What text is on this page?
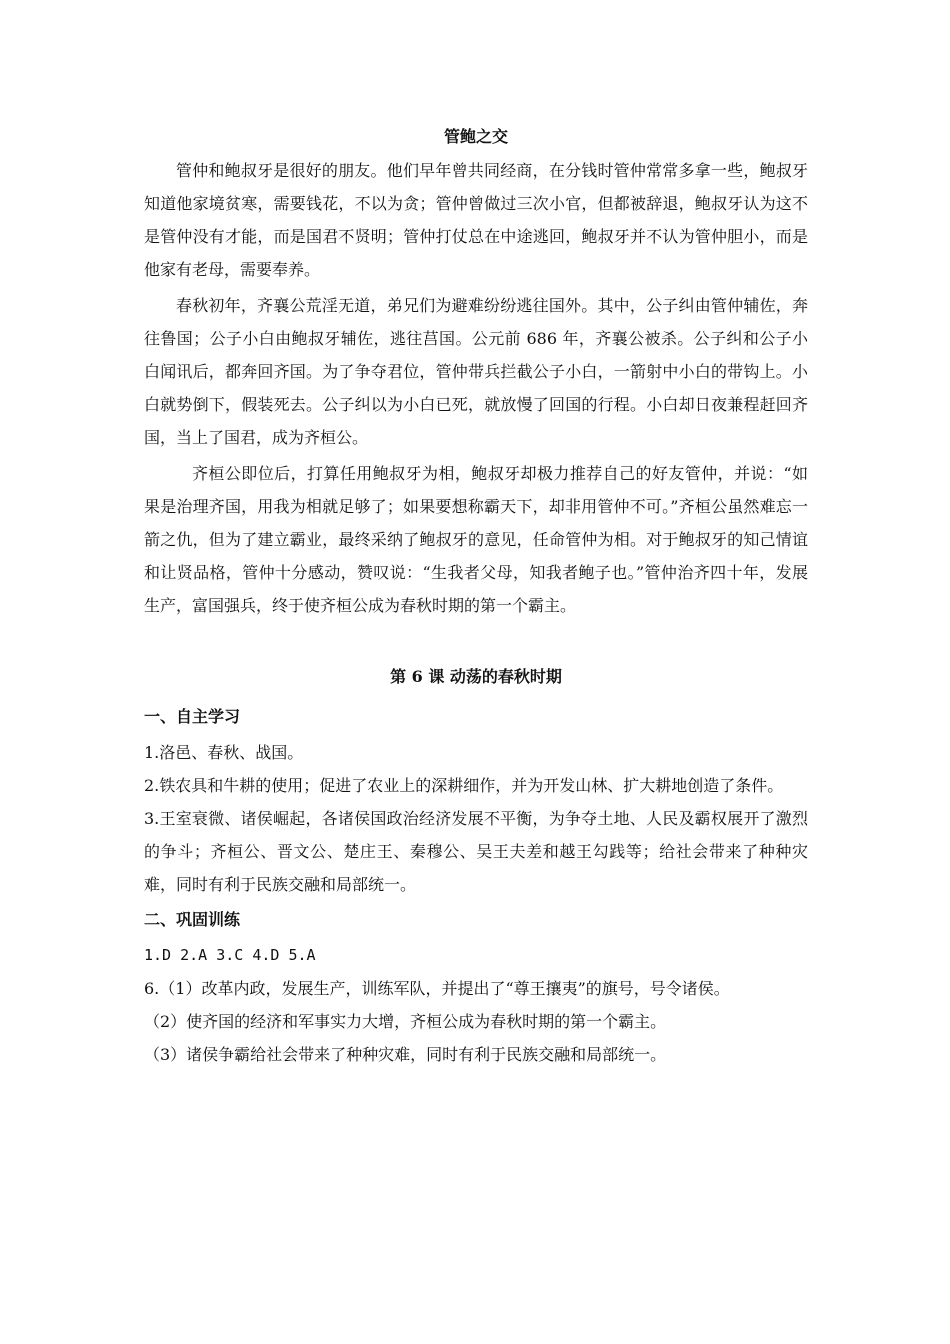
管鲍之交

管仲和鲍叔牙是很好的朋友。他们早年曾共同经商，在分钱时管仲常常多拿一些，鲍叔牙知道他家境贫寒，需要钱花，不以为贪；管仲曾做过三次小官，但都被辞退，鲍叔牙认为这不是管仲没有才能，而是国君不贤明；管仲打仗总在中途逃回，鲍叔牙并不认为管仲胆小，而是他家有老母，需要奉养。

春秋初年，齐襄公荒淫无道，弟兄们为避难纷纷逃往国外。其中，公子纠由管仲辅佐，奔往鲁国；公子小白由鲍叔牙辅佐，逃往莒国。公元前 686 年，齐襄公被杀。公子纠和公子小白闻讯后，都奔回齐国。为了争夺君位，管仲带兵拦截公子小白，一箭射中小白的带钩上。小白就势倒下，假装死去。公子纠以为小白已死，就放慢了回国的行程。小白却日夜兼程赶回齐国，当上了国君，成为齐桓公。

齐桓公即位后，打算任用鲍叔牙为相，鲍叔牙却极力推荐自己的好友管仲，并说：“如果是治理齐国，用我为相就足够了；如果要想称霸天下，却非用管仲不可。”齐桓公虽然难忘一箭之仇，但为了建立霸业，最终采纳了鲍叔牙的意见，任命管仲为相。对于鲍叔牙的知己情谊和让贤品格，管仲十分感动，赞叹说：“生我者父母，知我者鲍子也。”管仲治齐四十年，发展生产，富国强兵，终于使齐桓公成为春秋时期的第一个霸主。

第 6 课 动荡的春秋时期
一、自主学习

1.洛邑、春秋、战国。

2.铁农具和牛耕的使用；促进了农业上的深耕细作，并为开发山林、扩大耕地创造了条件。

3.王室衰微、诸侯崛起，各诸侯国政治经济发展不平衡，为争夺土地、人民及霸权展开了激烈的争斗；齐桓公、晋文公、楚庄王、秦穆公、吴王夫差和越王勾践等；给社会带来了种种灾难，同时有利于民族交融和局部统一。

二、巩固训练

1.D 2.A 3.C 4.D 5.A

6.（1）改革内政，发展生产，训练军队，并提出了“尊王攘夷”的旗号，号令诸侯。

（2）使齐国的经济和军事实力大增，齐桓公成为春秋时期的第一个霸主。

（3）诸侯争霸给社会带来了种种灾难，同时有利于民族交融和局部统一。
